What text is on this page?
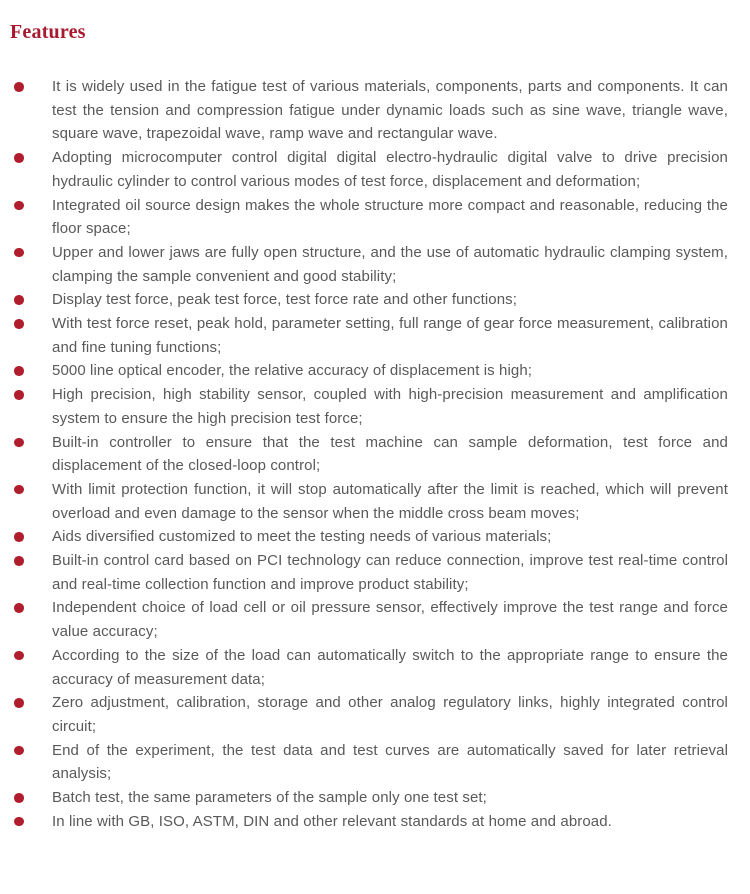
Features
It is widely used in the fatigue test of various materials, components, parts and components. It can test the tension and compression fatigue under dynamic loads such as sine wave, triangle wave, square wave, trapezoidal wave, ramp wave and rectangular wave.
Adopting microcomputer control digital digital electro-hydraulic digital valve to drive precision hydraulic cylinder to control various modes of test force, displacement and deformation;
Integrated oil source design makes the whole structure more compact and reasonable, reducing the floor space;
Upper and lower jaws are fully open structure, and the use of automatic hydraulic clamping system, clamping the sample convenient and good stability;
Display test force, peak test force, test force rate and other functions;
With test force reset, peak hold, parameter setting, full range of gear force measurement, calibration and fine tuning functions;
5000 line optical encoder, the relative accuracy of displacement is high;
High precision, high stability sensor, coupled with high-precision measurement and amplification system to ensure the high precision test force;
Built-in controller to ensure that the test machine can sample deformation, test force and displacement of the closed-loop control;
With limit protection function, it will stop automatically after the limit is reached, which will prevent overload and even damage to the sensor when the middle cross beam moves;
Aids diversified customized to meet the testing needs of various materials;
Built-in control card based on PCI technology can reduce connection, improve test real-time control and real-time collection function and improve product stability;
Independent choice of load cell or oil pressure sensor, effectively improve the test range and force value accuracy;
According to the size of the load can automatically switch to the appropriate range to ensure the accuracy of measurement data;
Zero adjustment, calibration, storage and other analog regulatory links, highly integrated control circuit;
End of the experiment, the test data and test curves are automatically saved for later retrieval analysis;
Batch test, the same parameters of the sample only one test set;
In line with GB, ISO, ASTM, DIN and other relevant standards at home and abroad.
